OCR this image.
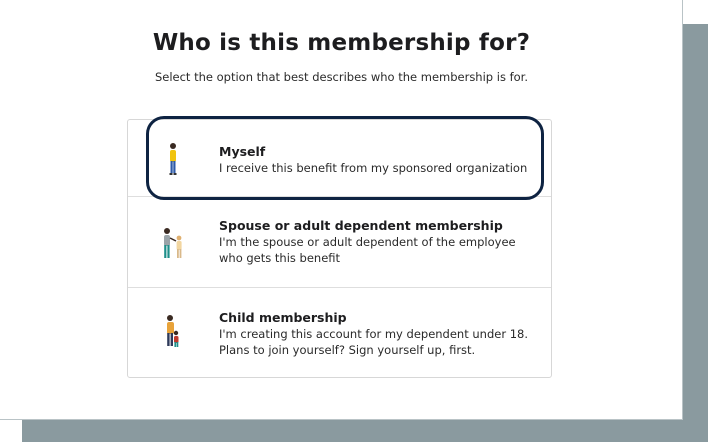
Who is this membership for?
Select the option that best describes who the membership is for.
Myself
I receive this benefit from my sponsored organization
Spouse or adult dependent membership
I'm the spouse or adult dependent of the employee
who gets this benefit
Child membership
I'm creating this account for my dependent under 18.
Plans to join yourself? Sign yourself up, first.
